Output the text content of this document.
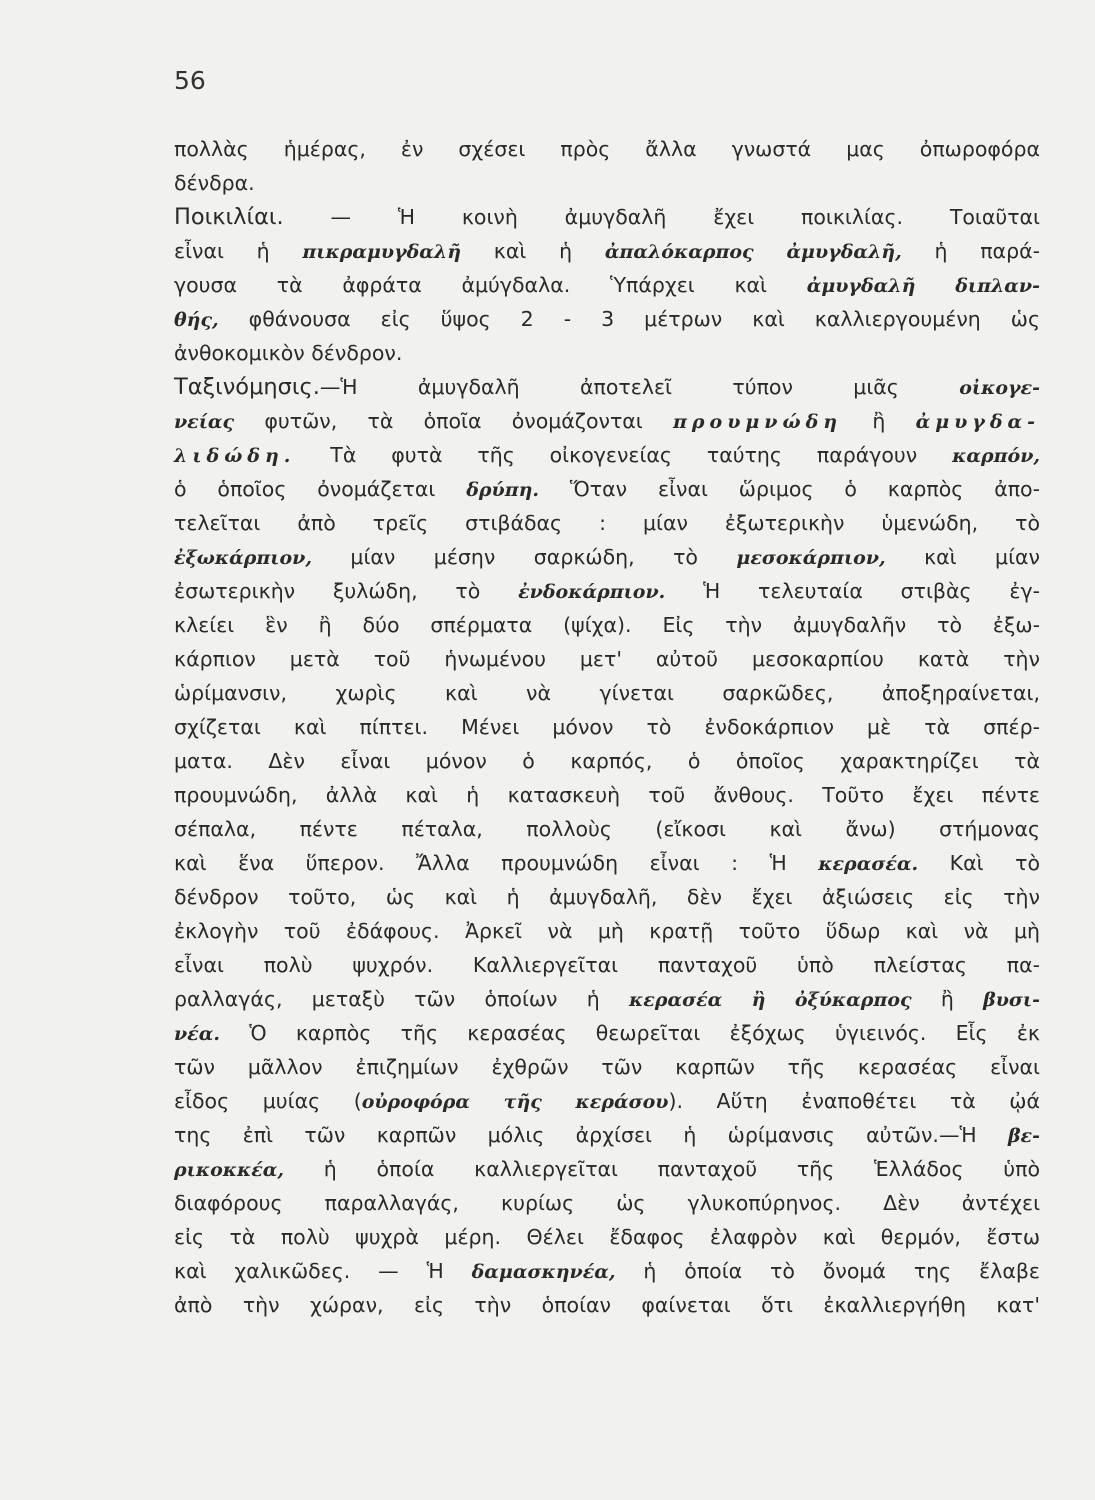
56
πολλὰς ἡμέρας, ἐν σχέσει πρὸς ἄλλα γνωστά μας ὀπωροφόρα
δένδρα.
Ποικιλίαι. — Ἡ κοινὴ ἀμυγδαλῆ ἔχει ποικιλίας. Τοιαῦται
εἶναι ἡ πικραμυγδαλῆ καὶ ἡ ἀπαλόκαρπος ἀμυγδαλῆ, ἡ παρά-
γουσα τὰ ἀφράτα ἀμύγδαλα. Ὑπάρχει καὶ ἀμυγδαλῆ διπλαν-
θής, φθάνουσα εἰς ὕψος 2 - 3 μέτρων καὶ καλλιεργουμένη ὡς
ἀνθοκομικὸν δένδρον.
Ταξινόμησις.—Ἡ ἀμυγδαλῆ ἀποτελεῖ τύπον μιᾶς οἰκογε-
νείας φυτῶν, τὰ ὁποῖα ὀνομάζονται προυμνώδη ἢ ἀμυγδα-
λιδώδη. Τὰ φυτὰ τῆς οἰκογενείας ταύτης παράγουν καρπόν,
ὁ ὁποῖος ὀνομάζεται δρύπη. Ὅταν εἶναι ὥριμος ὁ καρπὸς ἀπο-
τελεῖται ἀπὸ τρεῖς στιβάδας : μίαν ἐξωτερικὴν ὑμενώδη, τὸ
ἐξωκάρπιον, μίαν μέσην σαρκώδη, τὸ μεσοκάρπιον, καὶ μίαν
ἐσωτερικὴν ξυλώδη, τὸ ἐνδοκάρπιον. Ἡ τελευταία στιβὰς ἐγ-
κλείει ἓν ἢ δύο σπέρματα (ψίχα). Εἰς τὴν ἀμυγδαλῆν τὸ ἐξω-
κάρπιον μετὰ τοῦ ἡνωμένου μετ' αὐτοῦ μεσοκαρπίου κατὰ τὴν
ὡρίμανσιν, χωρὶς καὶ νὰ γίνεται σαρκῶδες, ἀποξηραίνεται,
σχίζεται καὶ πίπτει. Μένει μόνον τὸ ἐνδοκάρπιον μὲ τὰ σπέρ-
ματα. Δὲν εἶναι μόνον ὁ καρπός, ὁ ὁποῖος χαρακτηρίζει τὰ
προυμνώδη, ἀλλὰ καὶ ἡ κατασκευὴ τοῦ ἄνθους. Τοῦτο ἔχει πέντε
σέπαλα, πέντε πέταλα, πολλοὺς (εἴκοσι καὶ ἄνω) στήμονας
καὶ ἕνα ὕπερον. Ἄλλα προυμνώδη εἶναι : Ἡ κερασέα. Καὶ τὸ
δένδρον τοῦτο, ὡς καὶ ἡ ἀμυγδαλῆ, δὲν ἔχει ἀξιώσεις εἰς τὴν
ἐκλογὴν τοῦ ἐδάφους. Ἀρκεῖ νὰ μὴ κρατῇ τοῦτο ὕδωρ καὶ νὰ μὴ
εἶναι πολὺ ψυχρόν. Καλλιεργεῖται πανταχοῦ ὑπὸ πλείστας πα-
ραλλαγάς, μεταξὺ τῶν ὁποίων ἡ κερασέα ἢ ὀξύκαρπος ἢ βυσι-
νέα. Ὁ καρπὸς τῆς κερασέας θεωρεῖται ἐξόχως ὑγιεινός. Εἷς ἐκ
τῶν μᾶλλον ἐπιζημίων ἐχθρῶν τῶν καρπῶν τῆς κερασέας εἶναι
εἶδος μυίας (οὐροφόρα τῆς κεράσου). Αὕτη ἐναποθέτει τὰ ᾠά
της ἐπὶ τῶν καρπῶν μόλις ἀρχίσει ἡ ὡρίμανσις αὐτῶν.—Ἡ βε-
ρικοκκέα, ἡ ὁποία καλλιεργεῖται πανταχοῦ τῆς Ἑλλάδος ὑπὸ
διαφόρους παραλλαγάς, κυρίως ὡς γλυκοπύρηνος. Δὲν ἀντέχει
εἰς τὰ πολὺ ψυχρὰ μέρη. Θέλει ἔδαφος ἐλαφρὸν καὶ θερμόν, ἔστω
καὶ χαλικῶδες. — Ἡ δαμασκηνέα, ἡ ὁποία τὸ ὄνομά της ἔλαβε
ἀπὸ τὴν χώραν, εἰς τὴν ὁποίαν φαίνεται ὅτι ἐκαλλιεργήθη κατ'
